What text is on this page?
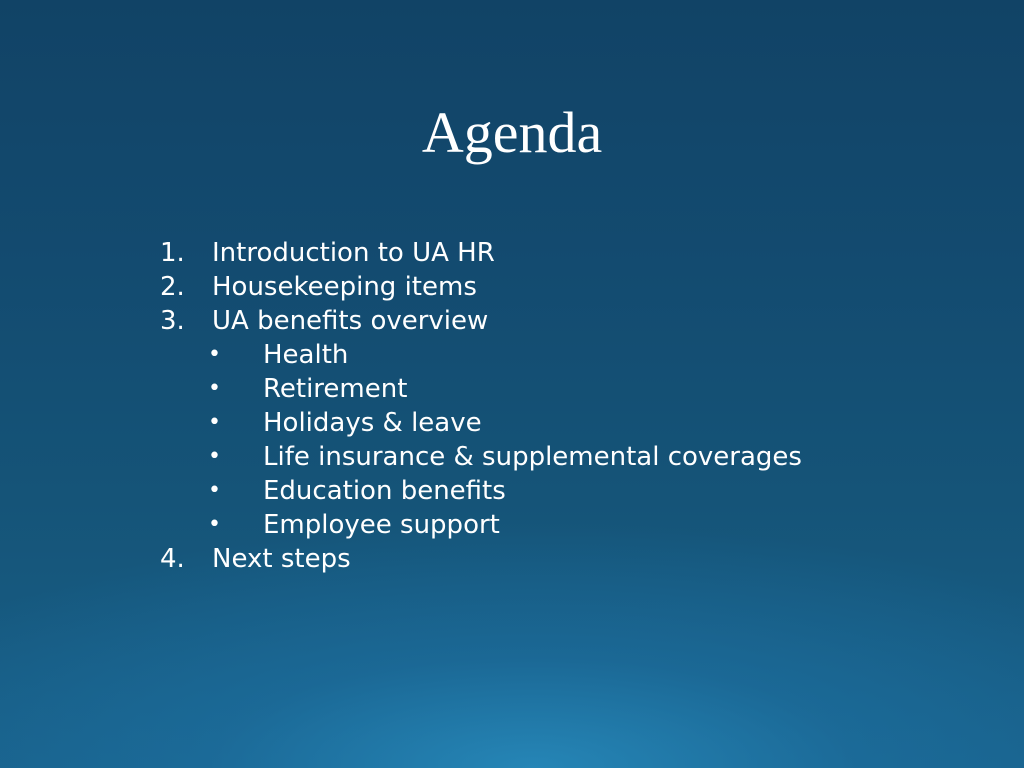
Agenda
1. Introduction to UA HR
2. Housekeeping items
3. UA benefits overview
• Health
• Retirement
• Holidays & leave
• Life insurance & supplemental coverages
• Education benefits
• Employee support
4. Next steps
